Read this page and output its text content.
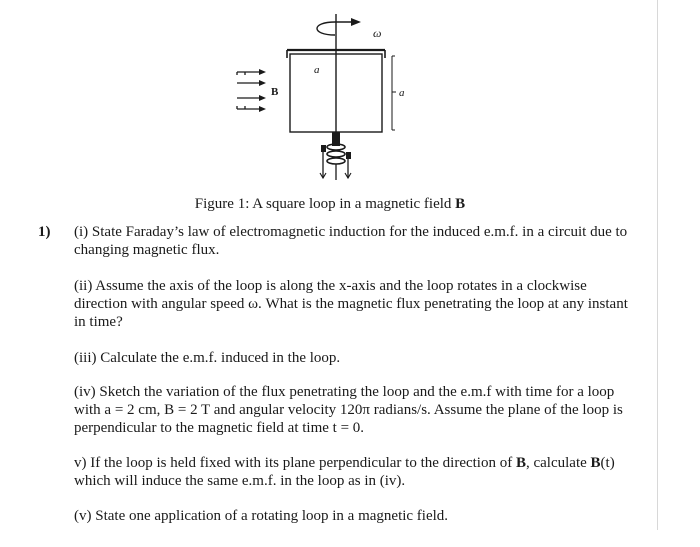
ω
a
a
B
Figure 1: A square loop in a magnetic field B
1) (i) State Faraday’s law of electromagnetic induction for the induced e.m.f. in a circuit due to changing magnetic flux.
(ii) Assume the axis of the loop is along the x-axis and the loop rotates in a clockwise direction with angular speed ω. What is the magnetic flux penetrating the loop at any instant in time?
(iii) Calculate the e.m.f. induced in the loop.
(iv) Sketch the variation of the flux penetrating the loop and the e.m.f with time for a loop with a = 2 cm, B = 2 T and angular velocity 120π radians/s. Assume the plane of the loop is perpendicular to the magnetic field at time t = 0.
v) If the loop is held fixed with its plane perpendicular to the direction of B, calculate B(t) which will induce the same e.m.f. in the loop as in (iv).
(v) State one application of a rotating loop in a magnetic field.
